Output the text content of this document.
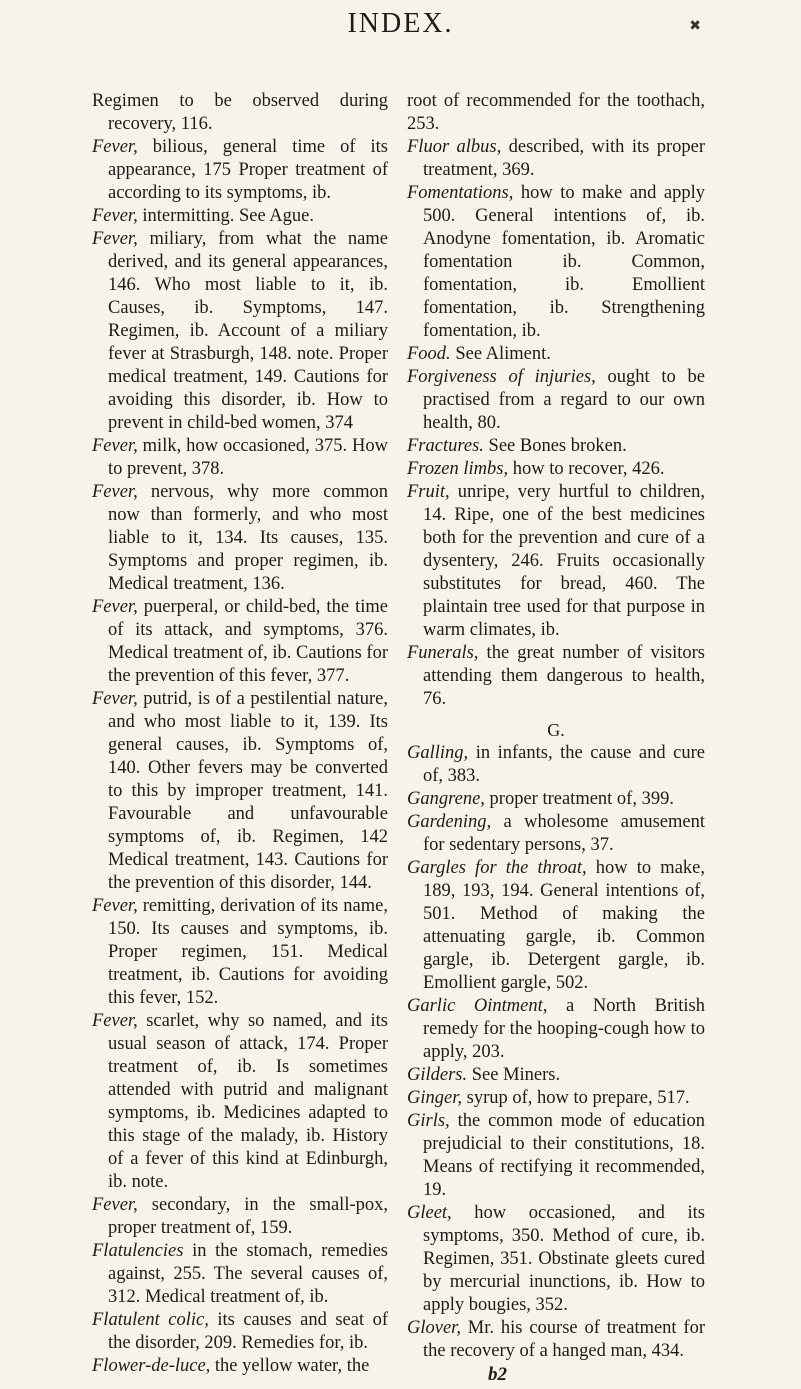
INDEX.	✖

Regimen to be observed during recovery, 116.

Fever, bilious, general time of its appearance, 175 Proper treatment of according to its symptoms, ib.

Fever, intermitting. See Ague.

Fever, miliary, from what the name derived, and its general appearances, 146. Who most liable to it, ib. Causes, ib. Symptoms, 147. Regimen, ib. Account of a miliary fever at Strasburgh, 148. note. Proper medical treatment, 149. Cautions for avoiding this disorder, ib. How to prevent in child-bed women, 374

Fever, milk, how occasioned, 375. How to prevent, 378.

Fever, nervous, why more common now than formerly, and who most liable to it, 134. Its causes, 135. Symptoms and proper regimen, ib. Medical treatment, 136.

Fever, puerperal, or child-bed, the time of its attack, and symptoms, 376. Medical treatment of, ib. Cautions for the prevention of this fever, 377.

Fever, putrid, is of a pestilential nature, and who most liable to it, 139. Its general causes, ib. Symptoms of, 140. Other fevers may be converted to this by improper treatment, 141. Favourable and unfavourable symptoms of, ib. Regimen, 142 Medical treatment, 143. Cautions for the prevention of this disorder, 144.

Fever, remitting, derivation of its name, 150. Its causes and symptoms, ib. Proper regimen, 151. Medical treatment, ib. Cautions for avoiding this fever, 152.

Fever, scarlet, why so named, and its usual season of attack, 174. Proper treatment of, ib. Is sometimes attended with putrid and malignant symptoms, ib. Medicines adapted to this stage of the malady, ib. History of a fever of this kind at Edinburgh, ib. note.

Fever, secondary, in the small-pox, proper treatment of, 159.

Flatulencies in the stomach, remedies against, 255. The several causes of, 312. Medical treatment of, ib.

Flatulent colic, its causes and seat of the disorder, 209. Remedies for, ib.

Flower-de-luce, the yellow water, the

root of recommended for the toothach, 253.

Fluor albus, described, with its proper treatment, 369.

Fomentations, how to make and apply 500. General intentions of, ib. Anodyne fomentation, ib. Aromatic fomentation ib. Common, fomentation, ib. Emollient fomentation, ib. Strengthening fomentation, ib.

Food. See Aliment.

Forgiveness of injuries, ought to be practised from a regard to our own health, 80.

Fractures. See Bones broken.

Frozen limbs, how to recover, 426.

Fruit, unripe, very hurtful to children, 14. Ripe, one of the best medicines both for the prevention and cure of a dysentery, 246. Fruits occasionally substitutes for bread, 460. The plaintain tree used for that purpose in warm climates, ib.

Funerals, the great number of visitors attending them dangerous to health, 76.

G.

Galling, in infants, the cause and cure of, 383.

Gangrene, proper treatment of, 399.

Gardening, a wholesome amusement for sedentary persons, 37.

Gargles for the throat, how to make, 189, 193, 194. General intentions of, 501. Method of making the attenuating gargle, ib. Common gargle, ib. Detergent gargle, ib. Emollient gargle, 502.

Garlic Ointment, a North British remedy for the hooping-cough how to apply, 203.

Gilders. See Miners.

Ginger, syrup of, how to prepare, 517.

Girls, the common mode of education prejudicial to their constitutions, 18. Means of rectifying it recommended, 19.

Gleet, how occasioned, and its symptoms, 350. Method of cure, ib. Regimen, 351. Obstinate gleets cured by mercurial inunctions, ib. How to apply bougies, 352.

Glover, Mr. his course of treatment for the recovery of a hanged man, 434.

b2
